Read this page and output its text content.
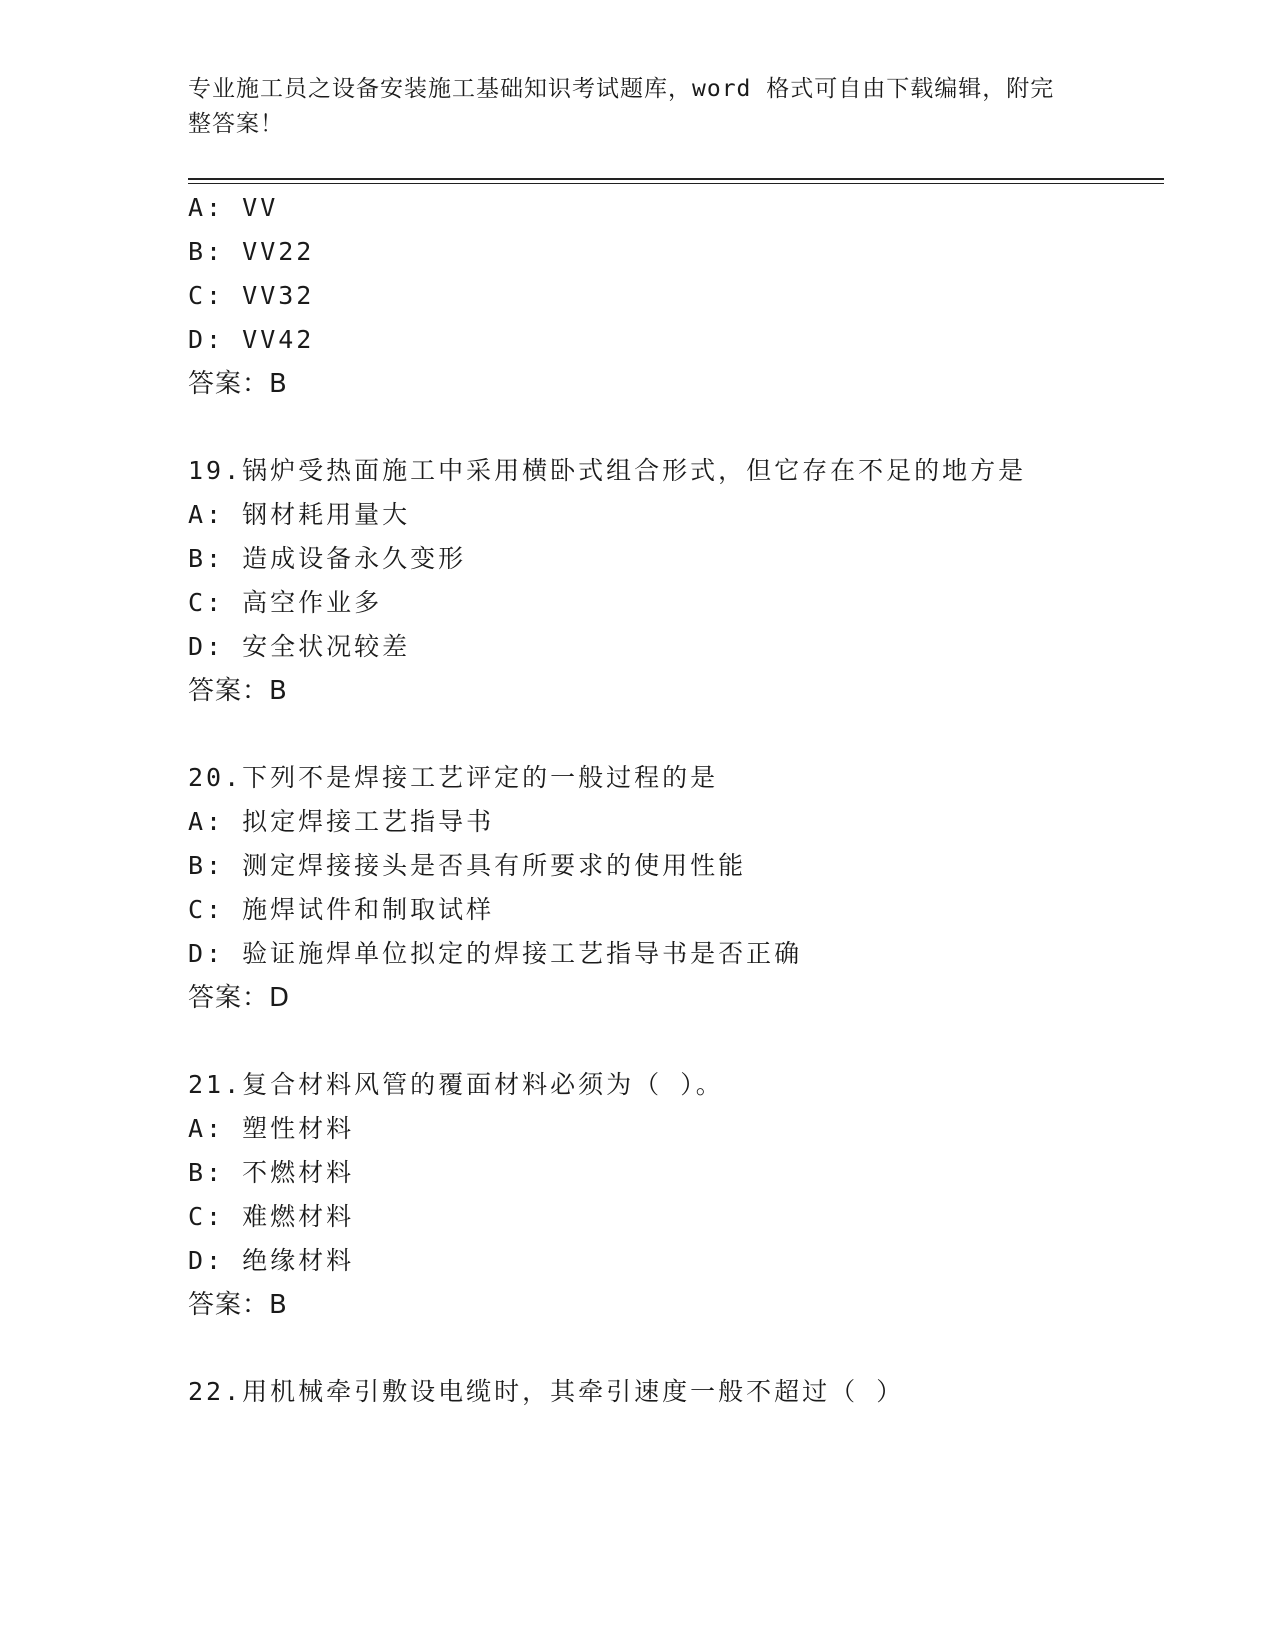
专业施工员之设备安装施工基础知识考试题库，word 格式可自由下载编辑，附完
整答案！
A: VV
B: VV22
C: VV32
D: VV42
答案：B
19.锅炉受热面施工中采用横卧式组合形式，但它存在不足的地方是
A: 钢材耗用量大
B: 造成设备永久变形
C: 高空作业多
D: 安全状况较差
答案：B
20.下列不是焊接工艺评定的一般过程的是
A: 拟定焊接工艺指导书
B: 测定焊接接头是否具有所要求的使用性能
C: 施焊试件和制取试样
D: 验证施焊单位拟定的焊接工艺指导书是否正确
答案：D
21.复合材料风管的覆面材料必须为（ ）。
A: 塑性材料
B: 不燃材料
C: 难燃材料
D: 绝缘材料
答案：B
22.用机械牵引敷设电缆时，其牵引速度一般不超过（ ）
